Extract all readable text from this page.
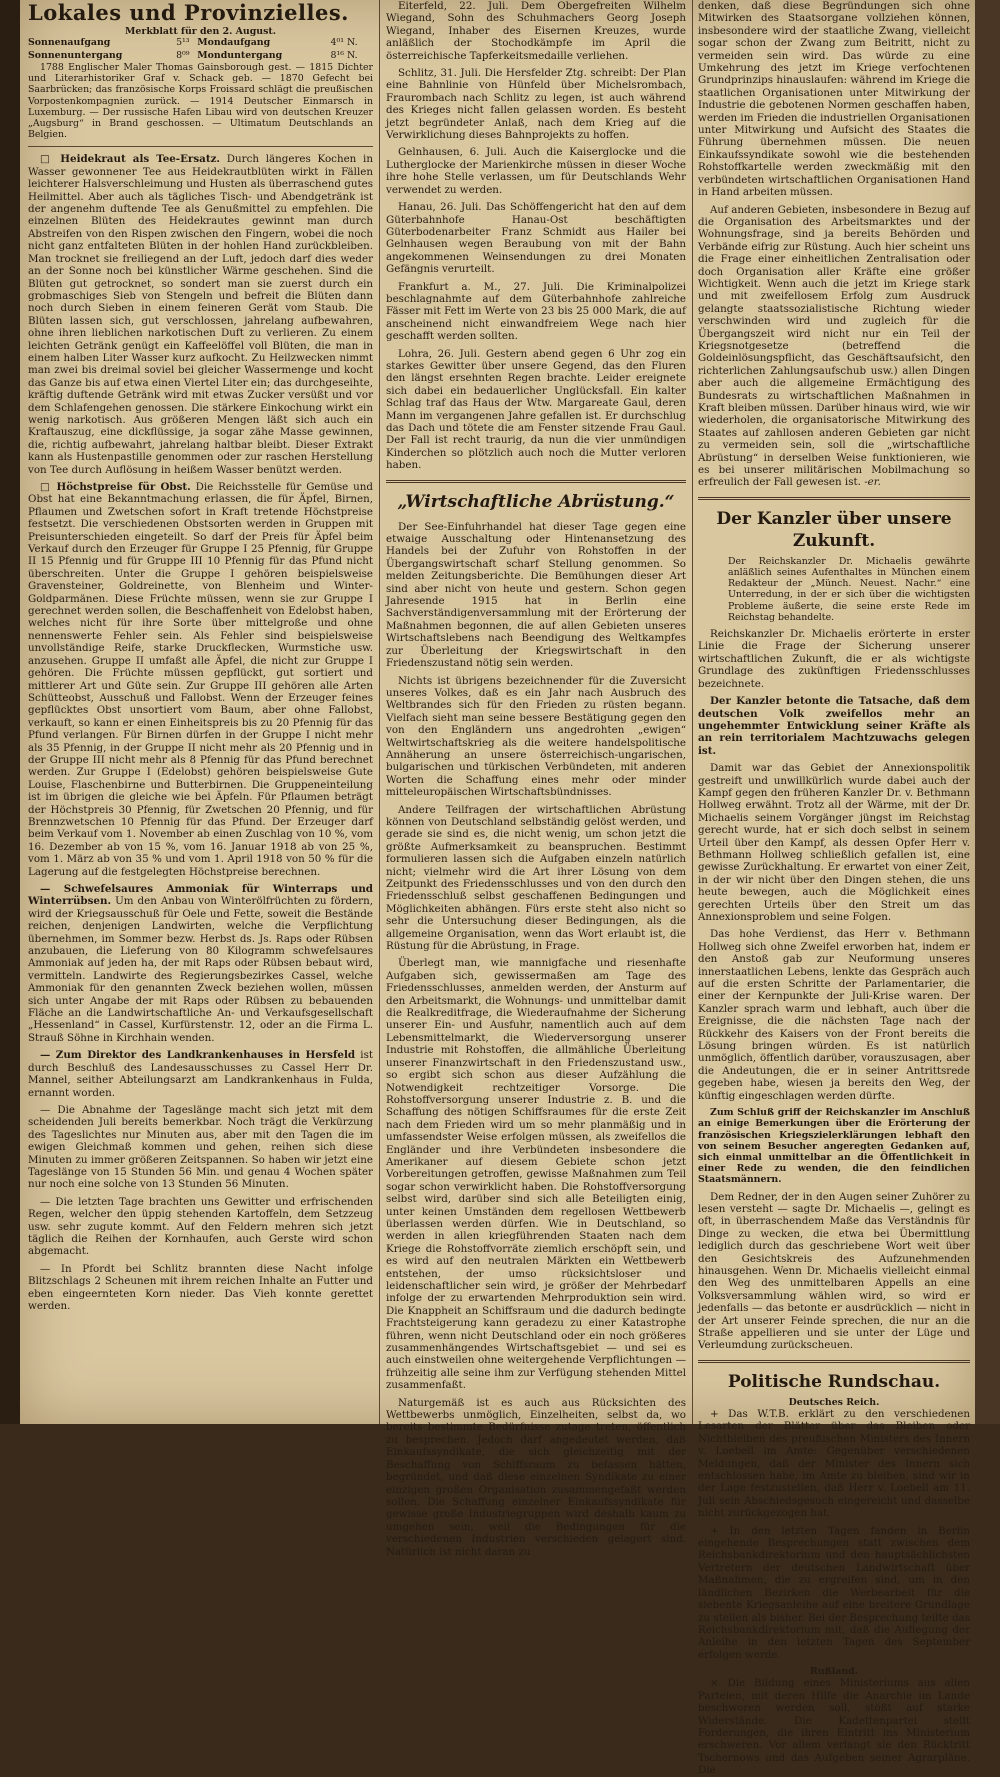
Lokales und Provinzielles.
Merkblatt für den 2. August.
Sonnenaufgang	5¹³	Mondaufgang	4⁰¹ N.
Sonnenuntergang	8⁰⁹	Monduntergang	8¹⁶ N.

1788 Englischer Maler Thomas Gainsborough gest. — 1815 Dichter und Literarhistoriker Graf v. Schack geb. — 1870 Gefecht bei Saarbrücken; das französische Korps Froissard schlägt die preußischen Vorpostenkompagnien zurück. — 1914 Deutscher Einmarsch in Luxemburg. — Der russische Hafen Libau wird von deutschen Kreuzer „Augsburg“ in Brand geschossen. — Ultimatum Deutschlands an Belgien.

□ Heidekraut als Tee-Ersatz. Durch längeres Kochen in Wasser gewonnener Tee aus Heidekrautblüten wirkt in Fällen leichterer Halsverschleimung und Husten als überraschend gutes Heilmittel. Aber auch als tägliches Tisch- und Abendgetränk ist der angenehm duftende Tee als Genußmittel zu empfehlen. Die einzelnen Blüten des Heidekrautes gewinnt man durch Abstreifen von den Rispen zwischen den Fingern, wobei die noch nicht ganz entfalteten Blüten in der hohlen Hand zurückbleiben. Man trocknet sie freiliegend an der Luft, jedoch darf dies weder an der Sonne noch bei künstlicher Wärme geschehen. Sind die Blüten gut getrocknet, so sondert man sie zuerst durch ein grobmaschiges Sieb von Stengeln und befreit die Blüten dann noch durch Sieben in einem feineren Gerät vom Staub. Die Blüten lassen sich, gut verschlossen, jahrelang aufbewahren, ohne ihren lieblichen narkotischen Duft zu verlieren. Zu einem leichten Getränk genügt ein Kaffeelöffel voll Blüten, die man in einem halben Liter Wasser kurz aufkocht. Zu Heilzwecken nimmt man zwei bis dreimal soviel bei gleicher Wassermenge und kocht das Ganze bis auf etwa einen Viertel Liter ein; das durchgeseihte, kräftig duftende Getränk wird mit etwas Zucker versüßt und vor dem Schlafengehen genossen. Die stärkere Einkochung wirkt ein wenig narkotisch. Aus größeren Mengen läßt sich auch ein Kraftauszug, eine dickflüssige, ja sogar zähe Masse gewinnen, die, richtig aufbewahrt, jahrelang haltbar bleibt. Dieser Extrakt kann als Hustenpastille genommen oder zur raschen Herstellung von Tee durch Auflösung in heißem Wasser benützt werden.

□ Höchstpreise für Obst. Die Reichsstelle für Gemüse und Obst hat eine Bekanntmachung erlassen, die für Äpfel, Birnen, Pflaumen und Zwetschen sofort in Kraft tretende Höchstpreise festsetzt. Die verschiedenen Obstsorten werden in Gruppen mit Preisunterschieden eingeteilt. So darf der Preis für Äpfel beim Verkauf durch den Erzeuger für Gruppe I 25 Pfennig, für Gruppe II 15 Pfennig und für Gruppe III 10 Pfennig für das Pfund nicht überschreiten. Unter die Gruppe I gehören beispielsweise Gravensteiner, Goldreinette, von Blenheim und Winter-Goldparmänen. Diese Früchte müssen, wenn sie zur Gruppe I gerechnet werden sollen, die Beschaffenheit von Edelobst haben, welches nicht für ihre Sorte über mittelgroße und ohne nennenswerte Fehler sein. Als Fehler sind beispielsweise unvollständige Reife, starke Druckflecken, Wurmstiche usw. anzusehen. Gruppe II umfaßt alle Äpfel, die nicht zur Gruppe I gehören. Die Früchte müssen gepflückt, gut sortiert und mittlerer Art und Güte sein. Zur Gruppe III gehören alle Arten Schütteobst, Ausschuß und Fallobst. Wenn der Erzeuger feines gepflücktes Obst unsortiert vom Baum, aber ohne Fallobst, verkauft, so kann er einen Einheitspreis bis zu 20 Pfennig für das Pfund verlangen. Für Birnen dürfen in der Gruppe I nicht mehr als 35 Pfennig, in der Gruppe II nicht mehr als 20 Pfennig und in der Gruppe III nicht mehr als 8 Pfennig für das Pfund berechnet werden. Zur Gruppe I (Edelobst) gehören beispielsweise Gute Louise, Flaschenbirne und Butterbirnen. Die Gruppeneinteilung ist im übrigen die gleiche wie bei Äpfeln. Für Pflaumen beträgt der Höchstpreis 30 Pfennig, für Zwetschen 20 Pfennig, und für Brennzwetschen 10 Pfennig für das Pfund. Der Erzeuger darf beim Verkauf vom 1. November ab einen Zuschlag von 10 %, vom 16. Dezember ab von 15 %, vom 16. Januar 1918 ab von 25 %, vom 1. März ab von 35 % und vom 1. April 1918 von 50 % für die Lagerung auf die festgelegten Höchstpreise berechnen.

— Schwefelsaures Ammoniak für Winterraps und Winterrübsen. Um den Anbau von Winterölfrüchten zu fördern, wird der Kriegsausschuß für Oele und Fette, soweit die Bestände reichen, denjenigen Landwirten, welche die Verpflichtung übernehmen, im Sommer bezw. Herbst ds. Js. Raps oder Rübsen anzubauen, die Lieferung von 80 Kilogramm schwefelsaures Ammoniak auf jeden ha, der mit Raps oder Rübsen bebaut wird, vermitteln. Landwirte des Regierungsbezirkes Cassel, welche Ammoniak für den genannten Zweck beziehen wollen, müssen sich unter Angabe der mit Raps oder Rübsen zu bebauenden Fläche an die Landwirtschaftliche An- und Verkaufsgesellschaft „Hessenland“ in Cassel, Kurfürstenstr. 12, oder an die Firma L. Strauß Söhne in Kirchhain wenden.

— Zum Direktor des Landkrankenhauses in Hersfeld ist durch Beschluß des Landesausschusses zu Cassel Herr Dr. Mannel, seither Abteilungsarzt am Landkrankenhaus in Fulda, ernannt worden.

— Die Abnahme der Tageslänge macht sich jetzt mit dem scheidenden Juli bereits bemerkbar. Noch trägt die Verkürzung des Tageslichtes nur Minuten aus, aber mit den Tagen die im ewigen Gleichmaß kommen und gehen, reihen sich diese Minuten zu immer größeren Zeitspannen. So haben wir jetzt eine Tageslänge von 15 Stunden 56 Min. und genau 4 Wochen später nur noch eine solche von 13 Stunden 56 Minuten.

— Die letzten Tage brachten uns Gewitter und erfrischenden Regen, welcher den üppig stehenden Kartoffeln, dem Setzzeug usw. sehr zugute kommt. Auf den Feldern mehren sich jetzt täglich die Reihen der Kornhaufen, auch Gerste wird schon abgemacht.

— In Pfordt bei Schlitz brannten diese Nacht infolge Blitzschlags 2 Scheunen mit ihrem reichen Inhalte an Futter und eben eingeernteten Korn nieder. Das Vieh konnte gerettet werden.

Eiterfeld, 22. Juli. Dem Obergefreiten Wilhelm Wiegand, Sohn des Schuhmachers Georg Joseph Wiegand, Inhaber des Eisernen Kreuzes, wurde anläßlich der Stochodkämpfe im April die österreichische Tapferkeitsmedaille verliehen.

Schlitz, 31. Juli. Die Hersfelder Ztg. schreibt: Der Plan eine Bahnlinie von Hünfeld über Michelsrombach, Fraurombach nach Schlitz zu legen, ist auch während des Krieges nicht fallen gelassen worden. Es besteht jetzt begründeter Anlaß, nach dem Krieg auf die Verwirklichung dieses Bahnprojekts zu hoffen.

Gelnhausen, 6. Juli. Auch die Kaiserglocke und die Lutherglocke der Marienkirche müssen in dieser Woche ihre hohe Stelle verlassen, um für Deutschlands Wehr verwendet zu werden.

Hanau, 26. Juli. Das Schöffengericht hat den auf dem Güterbahnhofe Hanau-Ost beschäftigten Güterbodenarbeiter Franz Schmidt aus Hailer bei Gelnhausen wegen Beraubung von mit der Bahn angekommenen Weinsendungen zu drei Monaten Gefängnis verurteilt.

Frankfurt a. M., 27. Juli. Die Kriminalpolizei beschlagnahmte auf dem Güterbahnhofe zahlreiche Fässer mit Fett im Werte von 23 bis 25 000 Mark, die auf anscheinend nicht einwandfreiem Wege nach hier geschafft werden sollten.

Lohra, 26. Juli. Gestern abend gegen 6 Uhr zog ein starkes Gewitter über unsere Gegend, das den Fluren den längst ersehnten Regen brachte. Leider ereignete sich dabei ein bedauerlicher Unglücksfall. Ein kalter Schlag traf das Haus der Wtw. Margareate Gaul, deren Mann im vergangenen Jahre gefallen ist. Er durchschlug das Dach und tötete die am Fenster sitzende Frau Gaul. Der Fall ist recht traurig, da nun die vier unmündigen Kinderchen so plötzlich auch noch die Mutter verloren haben.

„Wirtschaftliche Abrüstung.“

Der See-Einfuhrhandel hat dieser Tage gegen eine etwaige Ausschaltung oder Hintenansetzung des Handels bei der Zufuhr von Rohstoffen in der Übergangswirtschaft scharf Stellung genommen. So melden Zeitungsberichte. Die Bemühungen dieser Art sind aber nicht von heute und gestern. Schon gegen Jahresende 1915 hat in Berlin eine Sachverständigenversammlung mit der Erörterung der Maßnahmen begonnen, die auf allen Gebieten unseres Wirtschaftslebens nach Beendigung des Weltkampfes zur Überleitung der Kriegswirtschaft in den Friedenszustand nötig sein werden.

Nichts ist übrigens bezeichnender für die Zuversicht unseres Volkes, daß es ein Jahr nach Ausbruch des Weltbrandes sich für den Frieden zu rüsten begann. Vielfach sieht man seine bessere Bestätigung gegen den von den Engländern uns angedrohten „ewigen“ Weltwirtschaftskrieg als die weitere handelspolitische Annäherung an unsere österreichisch-ungarischen, bulgarischen und türkischen Verbündeten, mit anderen Worten die Schaffung eines mehr oder minder mitteleuropäischen Wirtschaftsbündnisses.

Andere Teilfragen der wirtschaftlichen Abrüstung können von Deutschland selbständig gelöst werden, und gerade sie sind es, die nicht wenig, um schon jetzt die größte Aufmerksamkeit zu beanspruchen. Bestimmt formulieren lassen sich die Aufgaben einzeln natürlich nicht; vielmehr wird die Art ihrer Lösung von dem Zeitpunkt des Friedensschlusses und von den durch den Friedensschluß selbst geschaffenen Bedingungen und Möglichkeiten abhängen. Fürs erste steht also nicht so sehr die Untersuchung dieser Bedingungen, als die allgemeine Organisation, wenn das Wort erlaubt ist, die Rüstung für die Abrüstung, in Frage.

Überlegt man, wie mannigfache und riesenhafte Aufgaben sich, gewissermaßen am Tage des Friedensschlusses, anmelden werden, der Ansturm auf den Arbeitsmarkt, die Wohnungs- und unmittelbar damit die Realkreditfrage, die Wiederaufnahme der Sicherung unserer Ein- und Ausfuhr, namentlich auch auf dem Lebensmittelmarkt, die Wiederversorgung unserer Industrie mit Rohstoffen, die allmähliche Überleitung unserer Finanzwirtschaft in den Friedenszustand usw., so ergibt sich schon aus dieser Aufzählung die Notwendigkeit rechtzeitiger Vorsorge. Die Rohstoffversorgung unserer Industrie z. B. und die Schaffung des nötigen Schiffsraumes für die erste Zeit nach dem Frieden wird um so mehr planmäßig und in umfassendster Weise erfolgen müssen, als zweifellos die Engländer und ihre Verbündeten insbesondere die Amerikaner auf diesem Gebiete schon jetzt Vorbereitungen getroffen, gewisse Maßnahmen zum Teil sogar schon verwirklicht haben. Die Rohstoffversorgung selbst wird, darüber sind sich alle Beteiligten einig, unter keinen Umständen dem regellosen Wettbewerb überlassen werden dürfen. Wie in Deutschland, so werden in allen kriegführenden Staaten nach dem Kriege die Rohstoffvorräte ziemlich erschöpft sein, und es wird auf den neutralen Märkten ein Wettbewerb entstehen, der umso rücksichtsloser und leidenschaftlicher sein wird, je größer der Mehrbedarf infolge der zu erwartenden Mehrproduktion sein wird. Die Knappheit an Schiffsraum und die dadurch bedingte Frachtsteigerung kann geradezu zu einer Katastrophe führen, wenn nicht Deutschland oder ein noch größeres zusammenhängendes Wirtschaftsgebiet — und sei es auch einstweilen ohne weitergehende Verpflichtungen — frühzeitig alle seine ihm zur Verfügung stehenden Mittel zusammenfaßt.

Naturgemäß ist es auch aus Rücksichten des Wettbewerbs unmöglich, Einzelheiten, selbst da, wo bereits bestimmte Bedürfnisse zutage treten, öffentlich zu besprechen. Jedoch darf angedeutet werden, daß Einkaufssyndikate, die sich gleichzeitig mit der Beschaffung von Schiffsraum zu befassen hätten, begründet, und daß diese einzelnen Syndikate zu einer einzigen großen Organisation zusammengefaßt werden sollen. Die Schaffung einzelner Einkaufssyndikate für gewisse große Industriegruppen wird deshalb kaum zu umgehen sein, weil die Bedingungen für die verschiedenen Industrien verschieden gelagert sind. Natürlich ist nicht daran zu

denken, daß diese Begründungen sich ohne Mitwirken des Staatsorgane vollziehen können, insbesondere wird der staatliche Zwang, vielleicht sogar schon der Zwang zum Beitritt, nicht zu vermeiden sein wird. Das würde zu eine Umkehrung des jetzt im Kriege verfochtenen Grundprinzips hinauslaufen: während im Kriege die staatlichen Organisationen unter Mitwirkung der Industrie die gebotenen Normen geschaffen haben, werden im Frieden die industriellen Organisationen unter Mitwirkung und Aufsicht des Staates die Führung übernehmen müssen. Die neuen Einkaufssyndikate sowohl wie die bestehenden Rohstoffkartelle werden zweckmäßig mit den verbündeten wirtschaftlichen Organisationen Hand in Hand arbeiten müssen.

Auf anderen Gebieten, insbesondere in Bezug auf die Organisation des Arbeitsmarktes und der Wohnungsfrage, sind ja bereits Behörden und Verbände eifrig zur Rüstung. Auch hier scheint uns die Frage einer einheitlichen Zentralisation oder doch Organisation aller Kräfte eine größer Wichtigkeit. Wenn auch die jetzt im Kriege stark und mit zweifellosem Erfolg zum Ausdruck gelangte staatssozialistische Richtung wieder verschwinden wird und zugleich für die Übergangszeit wird nicht nur ein Teil der Kriegsnotgesetze (betreffend die Goldeinlösungspflicht, das Geschäftsaufsicht, den richterlichen Zahlungsaufschub usw.) allen Dingen aber auch die allgemeine Ermächtigung des Bundesrats zu wirtschaftlichen Maßnahmen in Kraft bleiben müssen. Darüber hinaus wird, wie wir wiederholen, die organisatorische Mitwirkung des Staates auf zahllosen anderen Gebieten gar nicht zu vermeiden sein, soll die „wirtschaftliche Abrüstung“ in derselben Weise funktionieren, wie es bei unserer militärischen Mobilmachung so erfreulich der Fall gewesen ist. -er.

Der Kanzler über unsere Zukunft.

Der Reichskanzler Dr. Michaelis gewährte anläßlich seines Aufenthaltes in München einem Redakteur der „Münch. Neuest. Nachr.“ eine Unterredung, in der er sich über die wichtigsten Probleme äußerte, die seine erste Rede im Reichstag behandelte.

Reichskanzler Dr. Michaelis erörterte in erster Linie die Frage der Sicherung unserer wirtschaftlichen Zukunft, die er als wichtigste Grundlage des zukünftigen Friedensschlusses bezeichnete.

Der Kanzler betonte die Tatsache, daß dem deutschen Volk zweifellos mehr an ungehemmter Entwicklung seiner Kräfte als an rein territorialem Machtzuwachs gelegen ist.

Damit war das Gebiet der Annexionspolitik gestreift und unwillkürlich wurde dabei auch der Kampf gegen den früheren Kanzler Dr. v. Bethmann Hollweg erwähnt. Trotz all der Wärme, mit der Dr. Michaelis seinem Vorgänger jüngst im Reichstag gerecht wurde, hat er sich doch selbst in seinem Urteil über den Kampf, als dessen Opfer Herr v. Bethmann Hollweg schließlich gefallen ist, eine gewisse Zurückhaltung. Er erwartet von einer Zeit, in der wir nicht über den Dingen stehen, die uns heute bewegen, auch die Möglichkeit eines gerechten Urteils über den Streit um das Annexionsproblem und seine Folgen.

Das hohe Verdienst, das Herr v. Bethmann Hollweg sich ohne Zweifel erworben hat, indem er den Anstoß gab zur Neuformung unseres innerstaatlichen Lebens, lenkte das Gespräch auch auf die ersten Schritte der Parlamentarier, die einer der Kernpunkte der Juli-Krise waren. Der Kanzler sprach warm und lebhaft, auch über die Ereignisse, die die nächsten Tage nach der Rückkehr des Kaisers von der Front bereits die Lösung bringen würden. Es ist natürlich unmöglich, öffentlich darüber, vorauszusagen, aber die Andeutungen, die er in seiner Antrittsrede gegeben habe, wiesen ja bereits den Weg, der künftig eingeschlagen werden dürfte.

Zum Schluß griff der Reichskanzler im Anschluß an einige Bemerkungen über die Erörterung der französischen Kriegszielerklärungen lebhaft den von seinem Besucher angeregten Gedanken auf, sich einmal unmittelbar an die Öffentlichkeit in einer Rede zu wenden, die den feindlichen Staatsmännern.

Dem Redner, der in den Augen seiner Zuhörer zu lesen versteht — sagte Dr. Michaelis —, gelingt es oft, in überraschendem Maße das Verständnis für Dinge zu wecken, die etwa bei Übermittlung lediglich durch das geschriebene Wort weit über den Gesichtskreis des Aufzunehmenden hinausgehen. Wenn Dr. Michaelis vielleicht einmal den Weg des unmittelbaren Appells an eine Volksversammlung wählen wird, so wird er jedenfalls — das betonte er ausdrücklich — nicht in der Art unserer Feinde sprechen, die nur an die Straße appellieren und sie unter der Lüge und Verleumdung zurückscheuen.

Politische Rundschau.
Deutsches Reich.

+ Das W.T.B. erklärt zu den verschiedenen Lesarten der Blätter über das Bleiben oder Nichtbleiben des preußischen Ministers des Innern v. Loebell im Amte: Gegenüber verschiedenen Meldungen, daß der Minister des Innern sich entschlossen habe, im Amte zu bleiben, sind wir in der Lage festzustellen, daß Herr v. Loebell am 11. Juli sein Abschiedsgesuch eingereicht und dasselbe nicht zurückgezogen hat.

+ In den letzten Tagen fanden in Berlin eingehende Besprechungen statt zwischen dem Reichsbankdirektorium und den hauptsächlichsten Vertretern der deutschen Landwirtschaft über Maßnahmen, die zu ergreifen sind, um in den ländlichen Bezirken die Werbearbeit für die siebente Kriegsanleihe auf eine breitere Grundlage zu stellen als bisher. Bei der Besprechung teilte das Reichsbankdirektorium mit, daß die Auflegung der Anleihe in den letzten Tagen des September erfolgen werde.

Rußland.

× Die Bildung eines Ministeriums aus allen Parteien, mit deren Hilfe die Anarchie im Lande beschworen werden soll, stößt auf starke Widerstände. Die Kadettenpartei stellt Forderungen, die ihren Eintritt ins Ministerium erschweren. Vor allem verlangt sie den Rücktritt Tschernows und das Aufgeben seiner Agrarpläne. Die
